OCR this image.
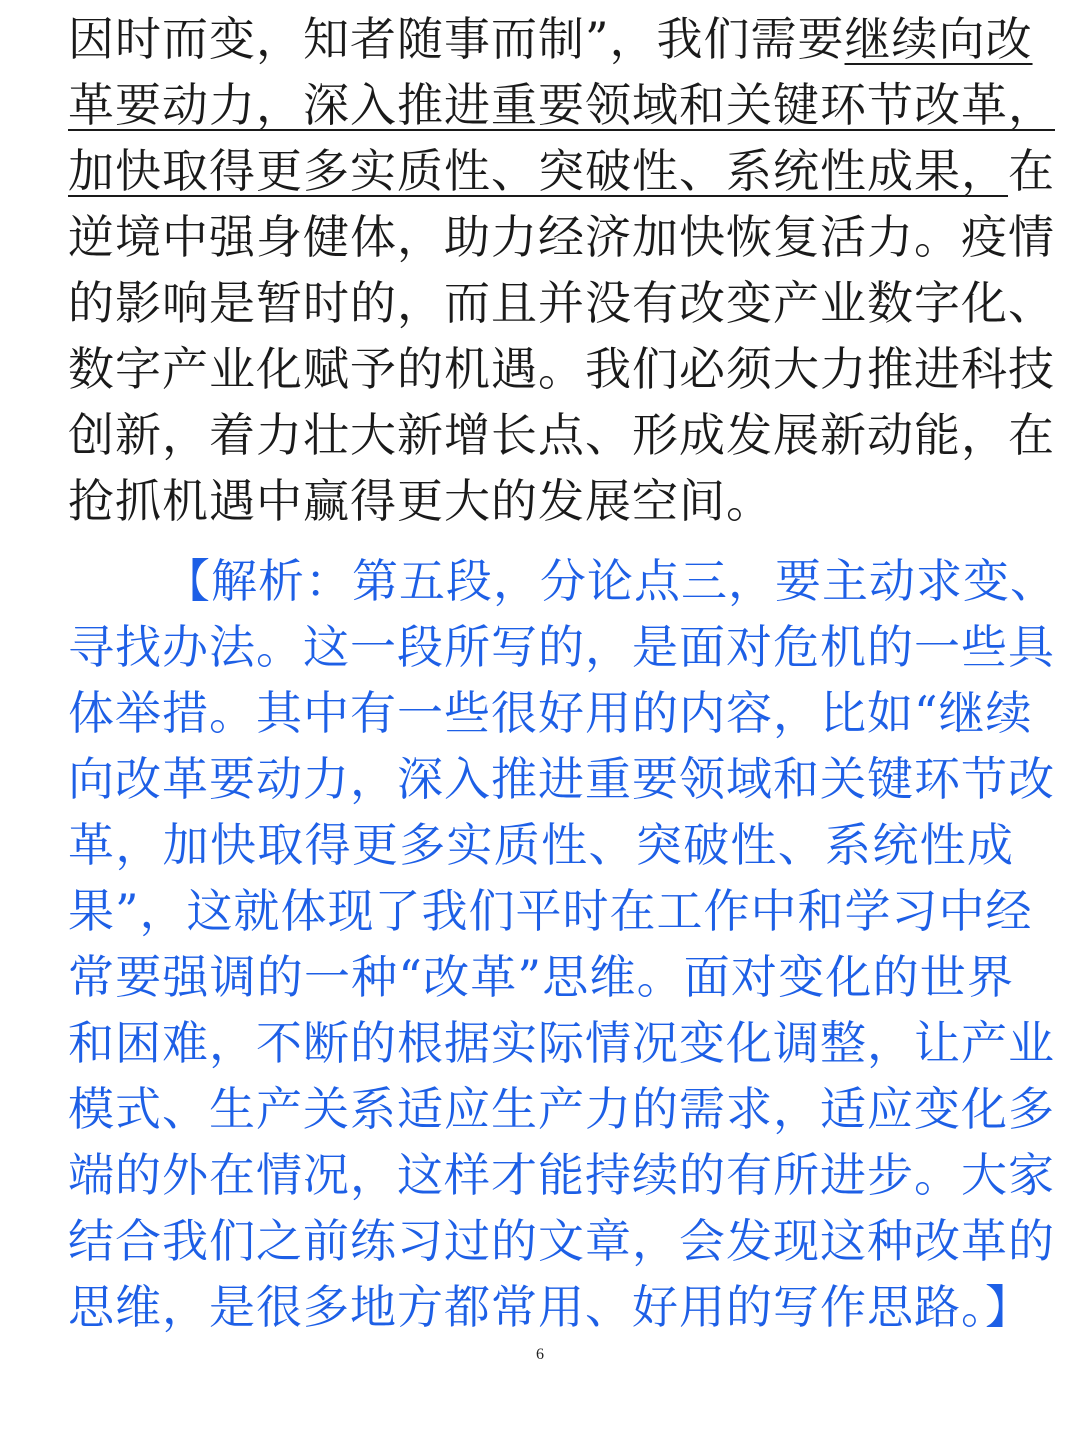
因时而变，知者随事而制”，我们需要继续向改
革要动力，深入推进重要领域和关键环节改革，
加快取得更多实质性、突破性、系统性成果，在
逆境中强身健体，助力经济加快恢复活力。疫情
的影响是暂时的，而且并没有改变产业数字化、
数字产业化赋予的机遇。我们必须大力推进科技
创新，着力壮大新增长点、形成发展新动能，在
抢抓机遇中赢得更大的发展空间。
【解析：第五段，分论点三，要主动求变、
寻找办法。这一段所写的，是面对危机的一些具
体举措。其中有一些很好用的内容，比如“继续
向改革要动力，深入推进重要领域和关键环节改
革，加快取得更多实质性、突破性、系统性成
果”，这就体现了我们平时在工作中和学习中经
常要强调的一种“改革”思维。面对变化的世界
和困难，不断的根据实际情况变化调整，让产业
模式、生产关系适应生产力的需求，适应变化多
端的外在情况，这样才能持续的有所进步。大家
结合我们之前练习过的文章，会发现这种改革的
思维，是很多地方都常用、好用的写作思路。】
6
